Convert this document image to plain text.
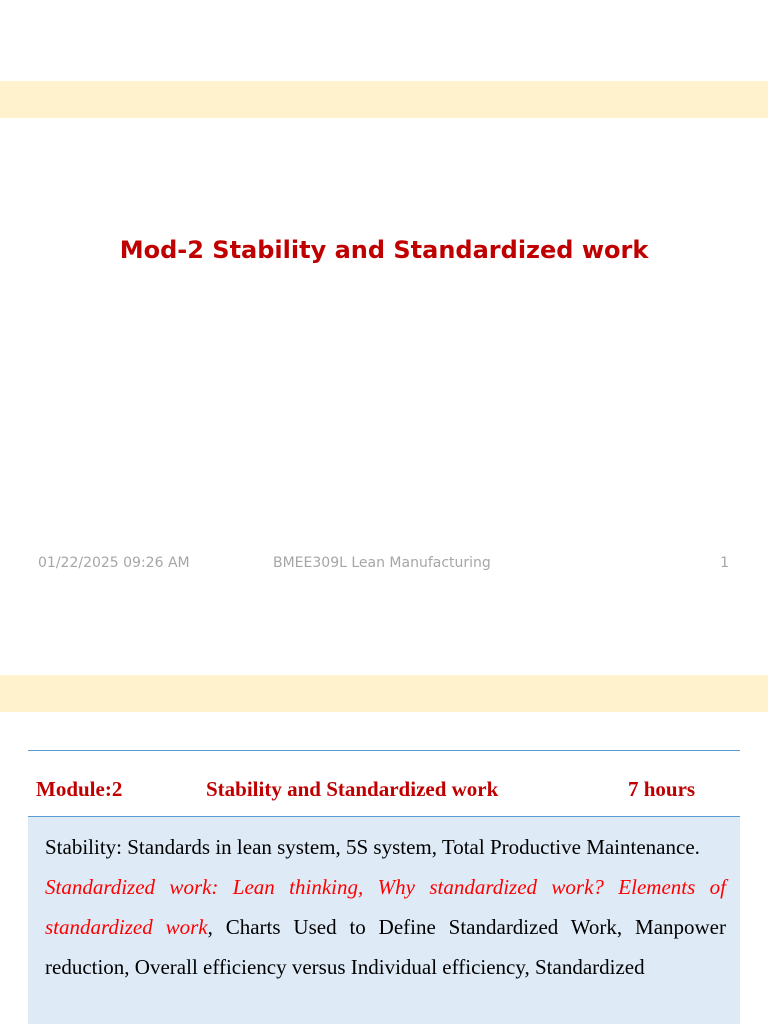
Mod-2 Stability and Standardized work
01/22/2025 09:26 AM	BMEE309L Lean Manufacturing	1
Module:2	Stability and Standardized work	7 hours

Stability: Standards in lean system, 5S system, Total Productive Maintenance.

Standardized work: Lean thinking, Why standardized work? Elements of standardized work, Charts Used to Define Standardized Work, Manpower reduction, Overall efficiency versus Individual efficiency, Standardized
